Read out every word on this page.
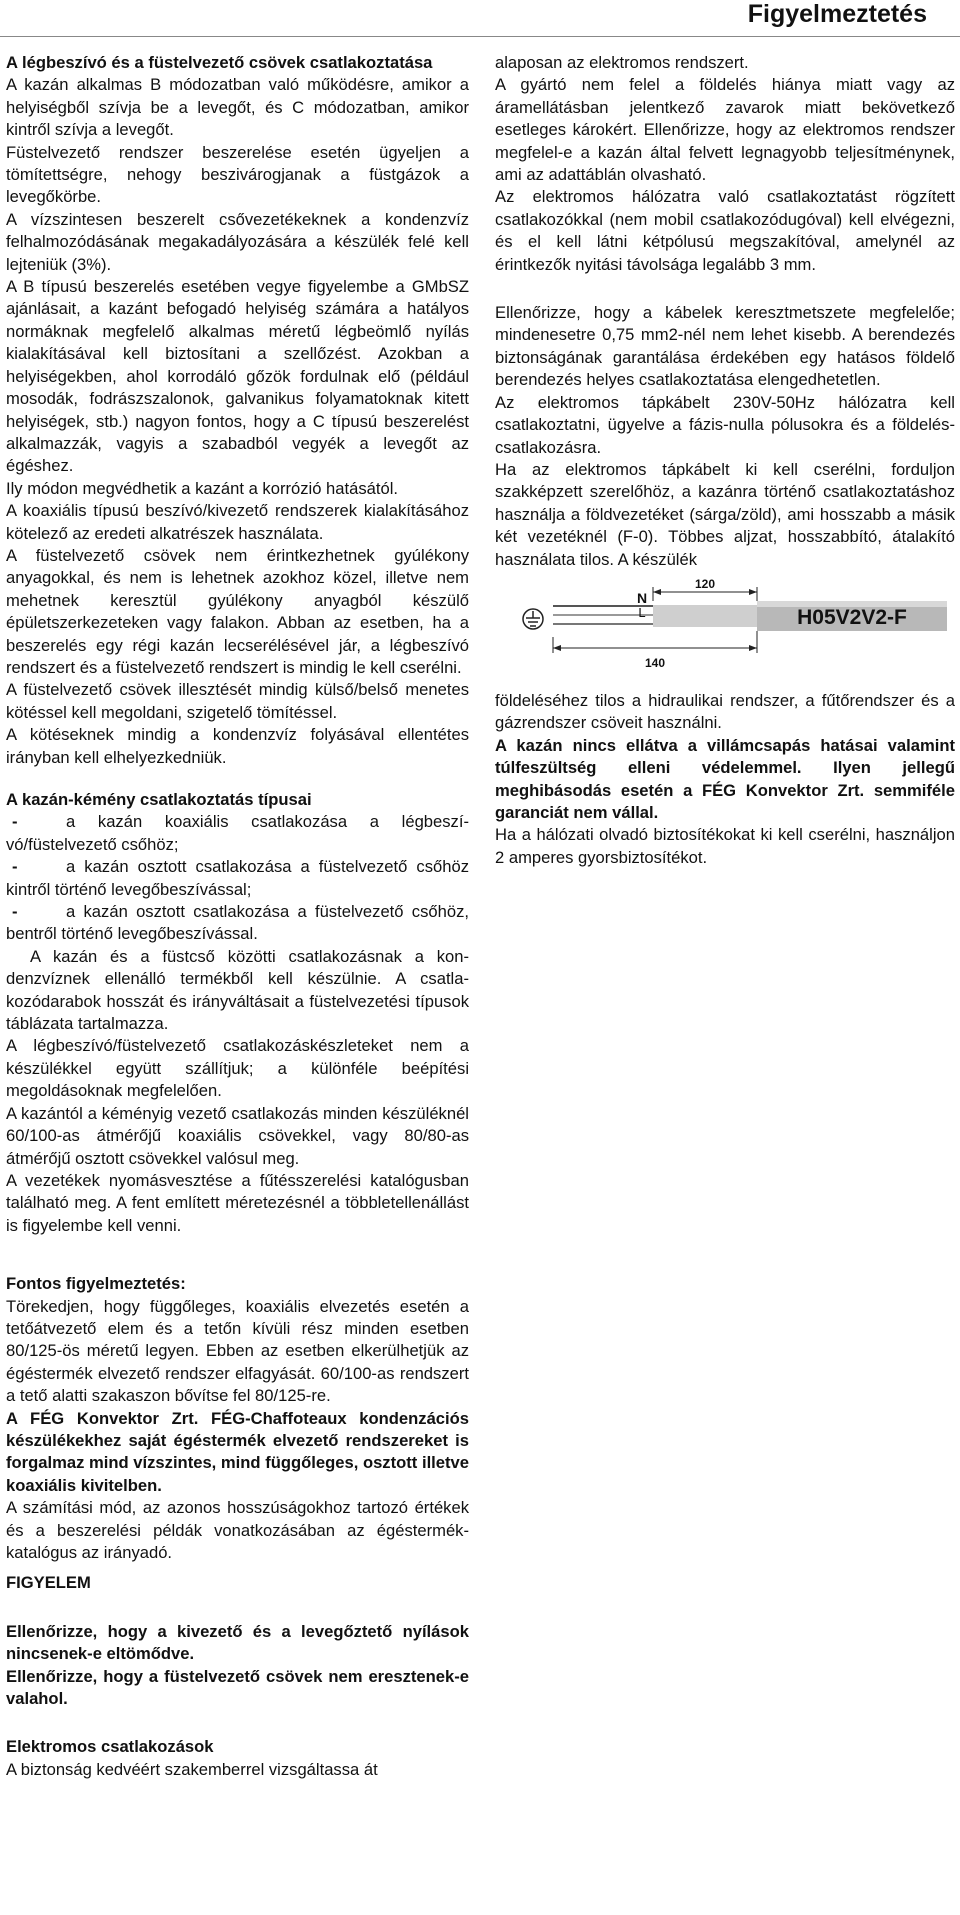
Figyelmeztetés

A légbeszívó és a füstelvezető csövek csatlakoztatása

A kazán alkalmas B módozatban való működésre, amikor a helyiségből szívja be a levegőt, és C módozatban, amikor kintről szívja a levegőt.

Füstelvezető rendszer beszerelése esetén ügyeljen a tömítettségre, nehogy beszivárogjanak a füstgázok a levegőkörbe.

A vízszintesen beszerelt csővezetékeknek a kondenzvíz felhalmozódásának megakadályozására a készülék felé kell lejteniük (3%).

A B típusú beszerelés esetében vegye figyelembe a GMbSZ ajánlásait, a kazánt befogadó helyiség számára a hatályos normáknak megfelelő alkalmas méretű légbeömlő nyílás kialakításával kell biztosítani a szellőzést. Azokban a helyiségekben, ahol korrodáló gőzök fordulnak elő (például mosodák, fodrászszalonok, galvanikus folyamatoknak kitett helyiségek, stb.) nagyon fontos, hogy a C típusú beszerelést alkalmazzák, vagyis a szabadból vegyék a levegőt az égéshez.

Ily módon megvédhetik a kazánt a korrózió hatásától.

A koaxiális típusú beszívó/kivezető rendszerek kialakításához kötelező az eredeti alkatrészek használata.

A füstelvezető csövek nem érintkezhetnek gyúlékony anyagokkal, és nem is lehetnek azokhoz közel, illetve nem mehetnek keresztül gyúlékony anyagból készülő épületszerkezeteken vagy falakon. Abban az esetben, ha a beszerelés egy régi kazán lecserélésével jár, a légbeszívó rendszert és a füstelvezető rendszert is mindig le kell cserélni.

A füstelvezető csövek illesztését mindig külső/belső menetes kötéssel kell megoldani, szigetelő tömítéssel.

A kötéseknek mindig a kondenzvíz folyásával ellentétes irányban kell elhelyezkedniük.

A kazán-kémény csatlakoztatás típusai

-	a kazán koaxiális csatlakozása a légbeszívó/füstelvezető csőhöz;

-	a kazán osztott csatlakozása a füstelvezető csőhöz kintről történő levegőbeszívással;

-	a kazán osztott csatlakozása a füstelvezető csőhöz, bentről történő levegőbeszívással.

A kazán és a füstcső közötti csatlakozásnak a kondenzvíznek ellenálló termékből kell készülnie. A csatlakozódarabok hosszát és irányváltásait a füstelvezetési típusok táblázata tartalmazza.

A légbeszívó/füstelvezető csatlakozáskészleteket nem a készülékkel együtt szállítjuk; a különféle beépítési megoldásoknak megfelelően.

A kazántól a kéményig vezető csatlakozás minden készüléknél 60/100-as átmérőjű koaxiális csövekkel, vagy 80/80-as átmérőjű osztott csövekkel valósul meg.

A vezetékek nyomásvesztése a fűtésszerelési katalógusban található meg. A fent említett méretezésnél a többletellenállást is figyelembe kell venni.

Fontos figyelmeztetés:

Törekedjen, hogy függőleges, koaxiális elvezetés esetén a tetőátvezető elem és a tetőn kívüli rész minden esetben 80/125-ös méretű legyen. Ebben az esetben elkerülhetjük az égéstermék elvezető rendszer elfagyását. 60/100-as rendszert a tető alatti szakaszon bővítse fel 80/125-re.

A FÉG Konvektor Zrt. FÉG-Chaffoteaux kondenzációs készülékekhez saját égéstermék elvezető rendszereket is forgalmaz mind vízszintes, mind függőleges, osztott illetve koaxiális kivitelben.

A számítási mód, az azonos hosszúságokhoz tartozó értékek és a beszerelési példák vonatkozásában az égéstermék-katalógus az irányadó.

FIGYELEM

Ellenőrizze, hogy a kivezető és a levegőztető nyílások nincsenek-e eltömődve.

Ellenőrizze, hogy a füstelvezető csövek nem eresztenek-e valahol.

Elektromos csatlakozások

A biztonság kedvéért szakemberrel vizsgáltassa át

alaposan az elektromos rendszert.

A gyártó nem felel a földelés hiánya miatt vagy az áramellátásban jelentkező zavarok miatt bekövetkező esetleges károkért. Ellenőrizze, hogy az elektromos rendszer megfelel-e a kazán által felvett legnagyobb teljesítménynek, ami az adattáblán olvasható.

Az elektromos hálózatra való csatlakoztatást rögzített csatlakozókkal (nem mobil csatlakozódugóval) kell elvégezni, és el kell látni kétpólusú megszakítóval, amelynél az érintkezők nyitási távolsága legalább 3 mm.

Ellenőrizze, hogy a kábelek keresztmetszete megfelelőe; mindenesetre 0,75 mm2-nél nem lehet kisebb. A berendezés biztonságának garantálása érdekében egy hatásos földelő berendezés helyes csatlakoztatása elengedhetetlen.

Az elektromos tápkábelt 230V-50Hz hálózatra kell csatlakoztatni, ügyelve a fázis-nulla pólusokra és a földelés-csatlakozásra.

Ha az elektromos tápkábelt ki kell cserélni, forduljon szakképzett szerelőhöz, a kazánra történő csatlakoztatáshoz használja a földvezetéket (sárga/zöld), ami hosszabb a másik két vezetéknél (F-0). Többes aljzat, hosszabbító, átalakító használata tilos. A készülék

120
N
L	H05V2V2-F
140

földeléséhez tilos a hidraulikai rendszer, a fűtőrendszer és a gázrendszer csöveit használni.

A kazán nincs ellátva a villámcsapás hatásai valamint túlfeszültség elleni védelemmel. Ilyen jellegű meghibásodás esetén a FÉG Konvektor Zrt. semmiféle garanciát nem vállal.

Ha a hálózati olvadó biztosítékokat ki kell cserélni, használjon 2 amperes gyorsbiztosítékot.
